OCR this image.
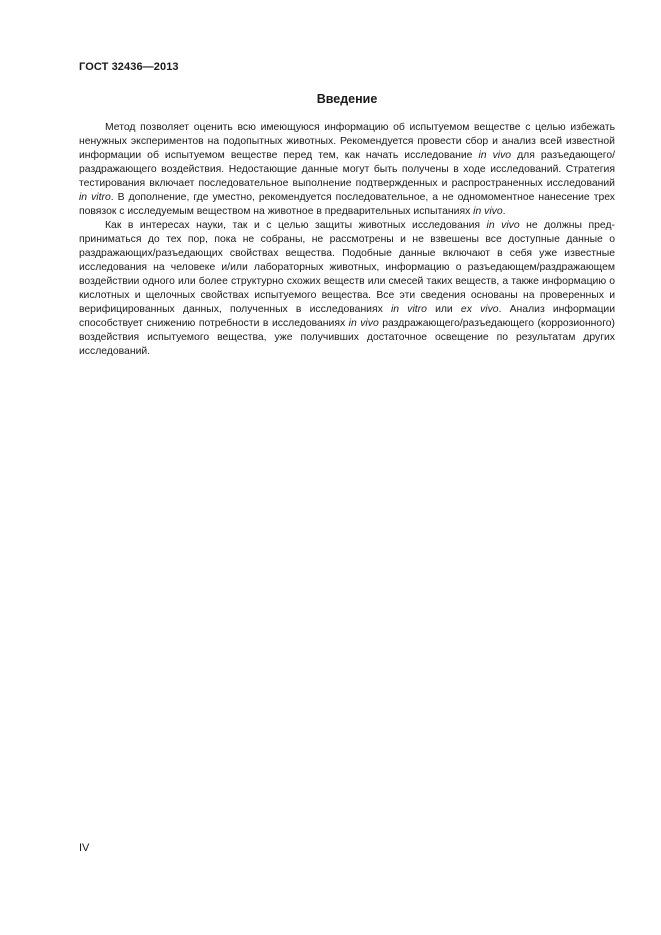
ГОСТ 32436—2013
Введение

Метод позволяет оценить всю имеющуюся информацию об испытуемом веществе с целью избежать ненужных экспериментов на подопытных животных. Рекомендуется провести сбор и анализ всей известной информации об испытуемом веществе перед тем, как начать исследование in vivo для разъедающего/раздражающего воздействия. Недостающие данные могут быть получены в ходе исследований. Стратегия тестирования включает последовательное выполнение подтвержденных и распространенных исследований in vitro. В дополнение, где уместно, рекомендуется последовательное, а не одномоментное нанесение трех повязок с исследуемым веществом на животное в предварительных испытаниях in vivo.

Как в интересах науки, так и с целью защиты животных исследования in vivo не должны предприниматься до тех пор, пока не собраны, не рассмотрены и не взвешены все доступные данные о раздражающих/разъедающих свойствах вещества. Подобные данные включают в себя уже известные исследования на человеке и/или лабораторных животных, информацию о разъедающем/раздражающем воздействии одного или более структурно схожих веществ или смесей таких веществ, а также информацию о кислотных и щелочных свойствах испытуемого вещества. Все эти сведения основаны на проверенных и верифицированных данных, полученных в исследованиях in vitro или ex vivo. Анализ информации способствует снижению потребности в исследованиях in vivo раздражающего/разъедающего (коррозионного) воздействия испытуемого вещества, уже получивших достаточное освещение по результатам других исследований.

IV
